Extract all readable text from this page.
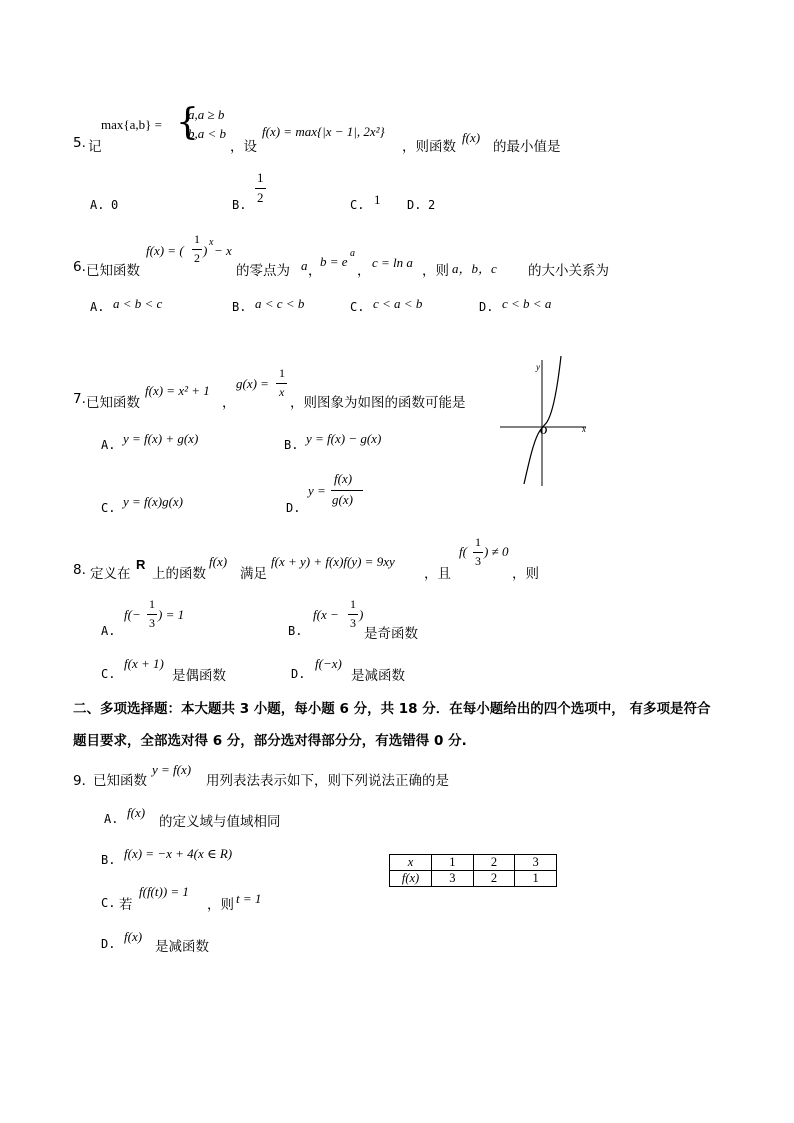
max{a,b} = {
a,a ≥ b
b,a < b
5. 记	，设
f(x) = max{|x − 1|, 2x²}
，则函数
f(x)
的最小值是
A. 0	B.
1
2	C. 1 D. 2
6. 已知函数
f(x) = (
1
2 )
x
− x
的零点为 a ，
b = e
a
，
c = ln a
，则 a，b，c 的大小关系为
A. a < b < c	B. a < c < b	C. c < a < b	D. c < b < a
7. 已知函数
f(x) = x² + 1
，
g(x) =
1
x
，则图象为如图的函数可能是
y
x
O
A. y = f(x) + g(x)	B. y = f(x) − g(x)
C. y = f(x)g(x)	D.
y =
f(x)
g(x)
8. 定义在
R
上的函数
f(x)
满足
f(x + y) + f(x)f(y) = 9xy
，且
f(
1
3
) ≠ 0
，则
A.
f(−
1
3
) = 1
B.
f(x −
1
3
)
是奇函数
C.
f(x + 1)
是偶函数	D.
f(−x)
是减函数
二、多项选择题：本大题共 3 小题，每小题 6 分，共 18 分．在每小题给出的四个选项中， 有多项是符合
题目要求，全部选对得 6 分，部分选对得部分分，有选错得 0 分.
9．
已知函数
y = f(x)
用列表法表示如下，则下列说法正确的是
A. f(x)
的定义域与值域相同
B. f(x) = −x + 4(x ∈ R)
C. 若
f(f(t)) = 1
，则 t = 1
D. f(x)
是减函数
x	1	2	3
f(x)	3	2	1
